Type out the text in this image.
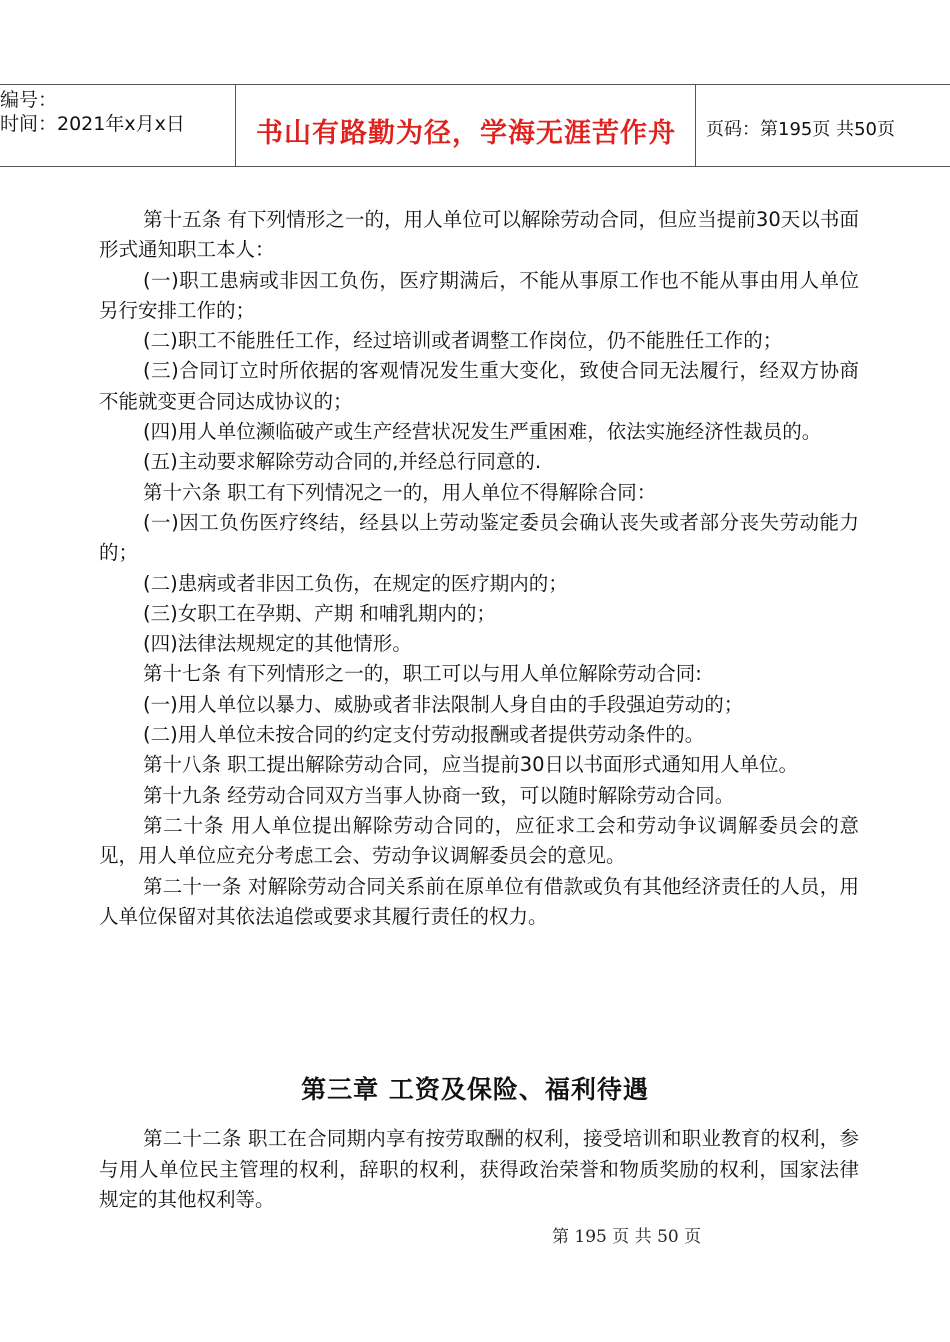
编号：
时间：2021年x月x日	书山有路勤为径，学海无涯苦作舟	页码：第195页 共50页

第十五条 有下列情形之一的，用人单位可以解除劳动合同，但应当提前30天以书面形式通知职工本人：

(一)职工患病或非因工负伤，医疗期满后，不能从事原工作也不能从事由用人单位另行安排工作的；

(二)职工不能胜任工作，经过培训或者调整工作岗位，仍不能胜任工作的；

(三)合同订立时所依据的客观情况发生重大变化，致使合同无法履行，经双方协商不能就变更合同达成协议的；

(四)用人单位濒临破产或生产经营状况发生严重困难，依法实施经济性裁员的。

(五)主动要求解除劳动合同的,并经总行同意的.

第十六条 职工有下列情况之一的，用人单位不得解除合同：

(一)因工负伤医疗终结，经县以上劳动鉴定委员会确认丧失或者部分丧失劳动能力的；

(二)患病或者非因工负伤，在规定的医疗期内的；

(三)女职工在孕期、产期 和哺乳期内的；

(四)法律法规规定的其他情形。

第十七条 有下列情形之一的，职工可以与用人单位解除劳动合同:

(一)用人单位以暴力、威胁或者非法限制人身自由的手段强迫劳动的；

(二)用人单位未按合同的约定支付劳动报酬或者提供劳动条件的。

第十八条 职工提出解除劳动合同，应当提前30日以书面形式通知用人单位。

第十九条 经劳动合同双方当事人协商一致，可以随时解除劳动合同。

第二十条 用人单位提出解除劳动合同的，应征求工会和劳动争议调解委员会的意见，用人单位应充分考虑工会、劳动争议调解委员会的意见。

第二十一条 对解除劳动合同关系前在原单位有借款或负有其他经济责任的人员，用人单位保留对其依法追偿或要求其履行责任的权力。

第三章 工资及保险、福利待遇

第二十二条 职工在合同期内享有按劳取酬的权利，接受培训和职业教育的权利，参与用人单位民主管理的权利，辞职的权利，获得政治荣誉和物质奖励的权利，国家法律规定的其他权利等。

第 195 页 共 50 页
